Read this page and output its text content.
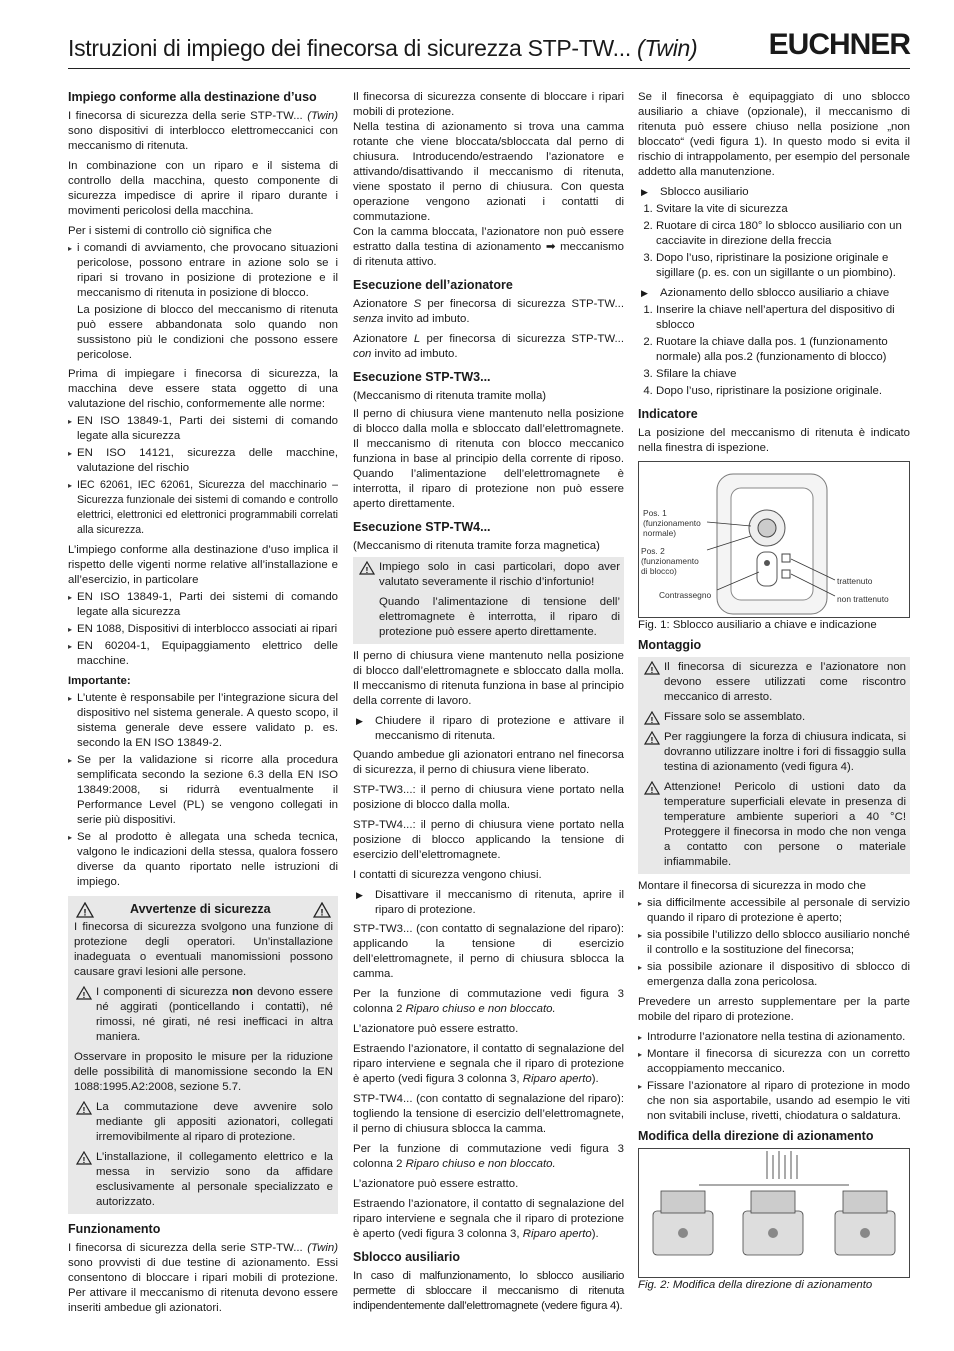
Istruzioni di impiego dei finecorsa di sicurezza STP-TW... (Twin) EUCHNER
Impiego conforme alla destinazione d’uso

I finecorsa di sicurezza della serie STP-TW... (Twin) sono dispositivi di interblocco elettromeccanici con meccanismo di ritenuta.

In combinazione con un riparo e il sistema di controllo della macchina, questo componente di sicurezza impedisce di aprire il riparo durante i movimenti pericolosi della macchina.

Per i sistemi di controllo ciò significa che

▸ i comandi di avviamento, che provocano situazioni pericolose, possono entrare in azione solo se i ripari si trovano in posizione di protezione e il meccanismo di ritenuta in posizione di blocco.

La posizione di blocco del meccanismo di ritenuta può essere abbandonata solo quando non sussistono più le condizioni che possono essere pericolose.

Prima di impiegare i finecorsa di sicurezza, la macchina deve essere stata oggetto di una valutazione del rischio, conformemente alle norme:

▸ EN ISO 13849-1, Parti dei sistemi di comando legate alla sicurezza
▸ EN ISO 14121, sicurezza delle macchine, valutazione del rischio
▸ IEC 62061, IEC 62061, Sicurezza del macchinario – Sicurezza funzionale dei sistemi di comando e controllo elettrici, elettronici ed elettronici programmabili correlati alla sicurezza.

L’impiego conforme alla destinazione d’uso implica il rispetto delle vigenti norme relative all’installazione e all’esercizio, in particolare

▸ EN ISO 13849-1, Parti dei sistemi di comando legate alla sicurezza
▸ EN 1088, Dispositivi di interblocco associati ai ripari
▸ EN 60204-1, Equipaggiamento elettrico delle macchine.

Importante:

▸ L’utente è responsabile per l’integrazione sicura del dispositivo nel sistema generale. A questo scopo, il sistema generale deve essere validato p. es. secondo la EN ISO 13849-2.
▸ Se per la validazione si ricorre alla procedura semplificata secondo la sezione 6.3 della EN ISO 13849:2008, si ridurrà eventualmente il Performance Level (PL) se vengono collegati in serie più dispositivi.
▸ Se al prodotto è allegata una scheda tecnica, valgono le indicazioni della stessa, qualora fossero diverse da quanto riportato nelle istruzioni di impiego.
!	Avvertenze di sicurezza	!

I finecorsa di sicurezza svolgono una funzione di protezione degli operatori. Un’installazione inadeguata o eventuali manomissioni possono causare gravi lesioni alle persone.

! I componenti di sicurezza non devono essere né aggirati (ponticellando i contatti), né rimossi, né girati, né resi inefficaci in altra maniera.

Osservare in proposito le misure per la riduzione delle possibilità di manomissione secondo la EN 1088:1995.A2:2008, sezione 5.7.

! La commutazione deve avvenire solo mediante gli appositi azionatori, collegati irremovibilmente al riparo di protezione.

! L’installazione, il collegamento elettrico e la messa in servizio sono da affidare esclusivamente al personale specializzato e autorizzato.

Funzionamento

I finecorsa di sicurezza della serie STP-TW... (Twin) sono provvisti di due testine di azionamento. Essi consentono di bloccare i ripari mobili di protezione. Per attivare il meccanismo di ritenuta devono essere inseriti ambedue gli azionatori.

Il finecorsa di sicurezza consente di bloccare i ripari mobili di protezione.

Nella testina di azionamento si trova una camma rotante che viene bloccata/sbloccata dal perno di chiusura. Introducendo/estraendo l’azionatore e attivando/disattivando il meccanismo di ritenuta, viene spostato il perno di chiusura. Con questa operazione vengono azionati i contatti di commutazione.

Con la camma bloccata, l’azionatore non può essere estratto dalla testina di azionamento ➡ meccanismo di ritenuta attivo.

Esecuzione dell’azionatore

Azionatore S per finecorsa di sicurezza STP-TW... senza invito ad imbuto.

Azionatore L per finecorsa di sicurezza STP-TW... con invito ad imbuto.

Esecuzione STP-TW3...

(Meccanismo di ritenuta tramite molla)

Il perno di chiusura viene mantenuto nella posizione di blocco dalla molla e sbloccato dall’elettromagnete. Il meccanismo di ritenuta con blocco meccanico funziona in base al principio della corrente di riposo. Quando l’alimentazione dell’elettromagnete è interrotta, il riparo di protezione non può essere aperto direttamente.

Esecuzione STP-TW4...

(Meccanismo di ritenuta tramite forza magnetica)

! Impiego solo in casi particolari, dopo aver valutato severamente il rischio d’infortunio!

Quando l’alimentazione di tensione dell’ elettromagnete è interrotta, il riparo di protezione può essere aperto direttamente.

Il perno di chiusura viene mantenuto nella posizione di blocco dall’elettromagnete e sbloccato dalla molla. Il meccanismo di ritenuta funziona in base al principio della corrente di lavoro.

▶ Chiudere il riparo di protezione e attivare il meccanismo di ritenuta.

Quando ambedue gli azionatori entrano nel finecorsa di sicurezza, il perno di chiusura viene liberato.

STP-TW3...: il perno di chiusura viene portato nella posizione di blocco dalla molla.

STP-TW4...: il perno di chiusura viene portato nella posizione di blocco applicando la tensione di esercizio dell’elettromagnete.

I contatti di sicurezza vengono chiusi.

▶ Disattivare il meccanismo di ritenuta, aprire il riparo di protezione.

STP-TW3... (con contatto di segnalazione del riparo): applicando la tensione di esercizio dell’elettromagnete, il perno di chiusura sblocca la camma.

Per la funzione di commutazione vedi figura 3 colonna 2 Riparo chiuso e non bloccato.

L’azionatore può essere estratto.

Estraendo l’azionatore, il contatto di segnalazione del riparo interviene e segnala che il riparo di protezione è aperto (vedi figura 3 colonna 3, Riparo aperto).

STP-TW4... (con contatto di segnalazione del riparo): togliendo la tensione di esercizio dell’elettromagnete, il perno di chiusura sblocca la camma.

Per la funzione di commutazione vedi figura 3 colonna 2 Riparo chiuso e non bloccato.

L’azionatore può essere estratto.

Estraendo l’azionatore, il contatto di segnalazione del riparo interviene e segnala che il riparo di protezione è aperto (vedi figura 3 colonna 3, Riparo aperto).

Sblocco ausiliario

In caso di malfunzionamento, lo sblocco ausiliario permette di sbloccare il meccanismo di ritenuta indipendentemente dall’elettromagnete (vedere figura 4).

Se il finecorsa è equipaggiato di uno sblocco ausiliario a chiave (opzionale), il meccanismo di ritenuta può essere chiuso nella posizione „non bloccato“ (vedi figura 1). In questo modo si evita il rischio di intrappolamento, per esempio del personale addetto alla manutenzione.

▶ Sblocco ausiliario

1. Svitare la vite di sicurezza
2. Ruotare di circa 180° lo sblocco ausiliario con un cacciavite in direzione della freccia
3. Dopo l’uso, ripristinare la posizione originale e sigillare (p. es. con un sigillante o un piombino).

▶ Azionamento dello sblocco ausiliario a chiave

1. Inserire la chiave nell’apertura del dispositivo di sblocco
2. Ruotare la chiave dalla pos. 1 (funzionamento normale) alla pos.2 (funzionamento di blocco)
3. Sfilare la chiave
4. Dopo l’uso, ripristinare la posizione originale.
Indicatore

La posizione del meccanismo di ritenuta è indicato nella finestra di ispezione.

Pos. 1
(funzionamento
normale)
Pos. 2
(funzionamento
di blocco)
Contrassegno
trattenuto
non trattenuto

Fig. 1: Sblocco ausiliario a chiave e indicazione

Montaggio

! Il finecorsa di sicurezza e l’azionatore non devono essere utilizzati come riscontro meccanico di arresto.

! Fissare solo se assemblato.

! Per raggiungere la forza di chiusura indicata, si dovranno utilizzare inoltre i fori di fissaggio sulla testina di azionamento (vedi figura 4).

! Attenzione! Pericolo di ustioni dato da temperature superficiali elevate in presenza di temperature ambiente superiori a 40 °C! Proteggere il finecorsa in modo che non venga a contatto con persone o materiale infiammabile.

Montare il finecorsa di sicurezza in modo che

▸ sia difficilmente accessibile al personale di servizio quando il riparo di protezione è aperto;
▸ sia possibile l’utilizzo dello sblocco ausiliario nonché il controllo e la sostituzione del finecorsa;
▸ sia possibile azionare il dispositivo di sblocco di emergenza dalla zona pericolosa.

Prevedere un arresto supplementare per la parte mobile del riparo di protezione.

▸ Introdurre l’azionatore nella testina di azionamento.
▸ Montare il finecorsa di sicurezza con un corretto accoppiamento meccanico.
▸ Fissare l’azionatore al riparo di protezione in modo che non sia asportabile, usando ad esempio le viti non svitabili incluse, rivetti, chiodatura o saldatura.
Modifica della direzione di azionamento

Fig. 2: Modifica della direzione di azionamento
